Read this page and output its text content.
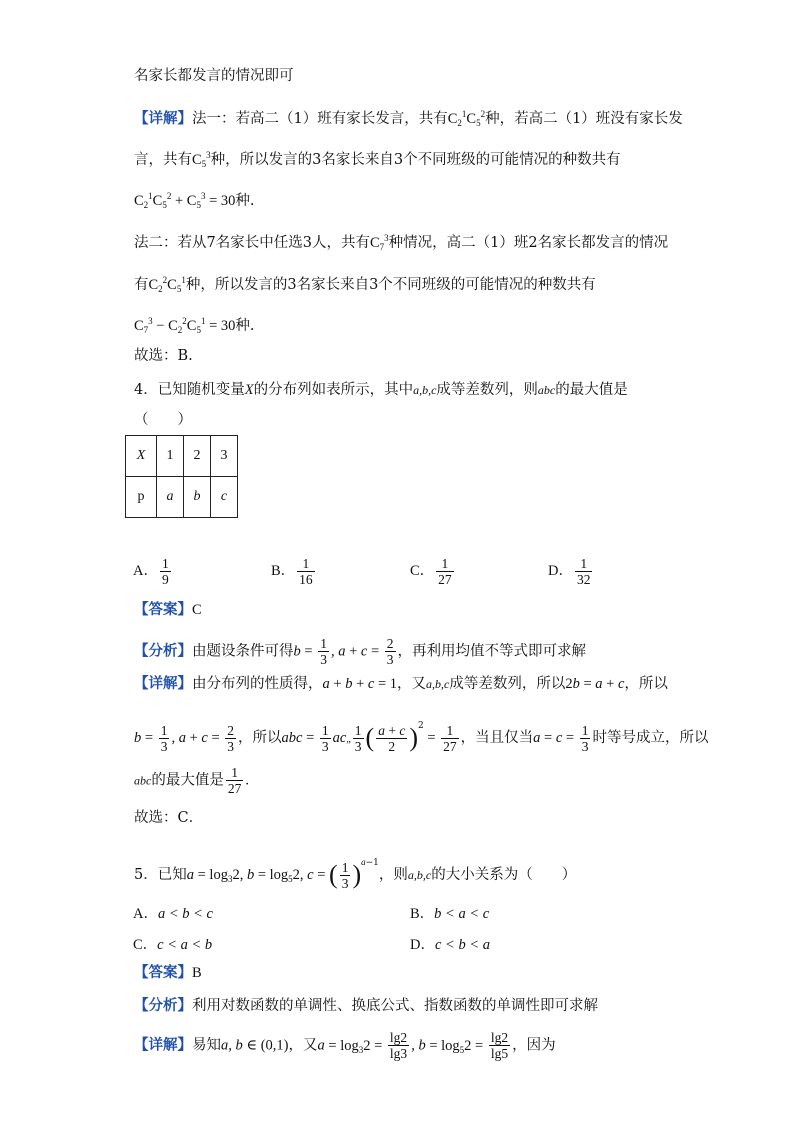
名家长都发言的情况即可
【详解】法一：若高二（1）班有家长发言，共有$C_2^1C_5^2$种，若高二（1）班没有家长发
言，共有$C_5^3$种，所以发言的3名家长来自3个不同班级的可能情况的种数共有
$C_2^1C_5^2 + C_5^3 = 30$种.
法二：若从7名家长中任选3人，共有$C_7^3$种情况，高二（1）班2名家长都发言的情况
有$C_2^2C_5^1$种，所以发言的3名家长来自3个不同班级的可能情况的种数共有
$C_7^3 - C_2^2C_5^1 = 30$种.
故选：B.
4．已知随机变量X的分布列如表所示，其中a,b,c成等差数列，则abc的最大值是
（　　）
X	1	2	3
p	a	b	c
A． $\frac{1}{9}$	B． $\frac{1}{16}$	C． $\frac{1}{27}$	D． $\frac{1}{32}$
【答案】C
【分析】由题设条件可得$b = \frac{1}{3}$ , $a + c = \frac{2}{3}$ ，再利用均值不等式即可求解
【详解】由分布列的性质得，a + b + c = 1，又a,b,c成等差数列，所以2b = a + c，所以
$b = \frac{1}{3}$ , $a + c = \frac{2}{3}$ ，所以abc = $\frac{1}{3}$ ac„ $\frac{1}{3}$ ( $\frac{a + c}{2} )^2 = \frac{1}{27}$ ，当且仅当$a = c = \frac{1}{3}$ 时等号成立，所以
abc的最大值是 $\frac{1}{27}$ .
故选：C．
5．已知$a = \log_32$, $b = \log_52$, c = ( $\frac{1}{3} )^{a-1}$，则a,b,c的大小关系为（　　）
A．a < b < c	B．b < a < c
C．c < a < b	D．c < b < a
【答案】B
【分析】利用对数函数的单调性、换底公式、指数函数的单调性即可求解
【详解】易知a, b ∈ (0,1)，又$a = \log_32 = \frac{\lg 2}{\lg 3}$ , $b = \log_52 = \frac{\lg 2}{\lg 5}$ ，因为
